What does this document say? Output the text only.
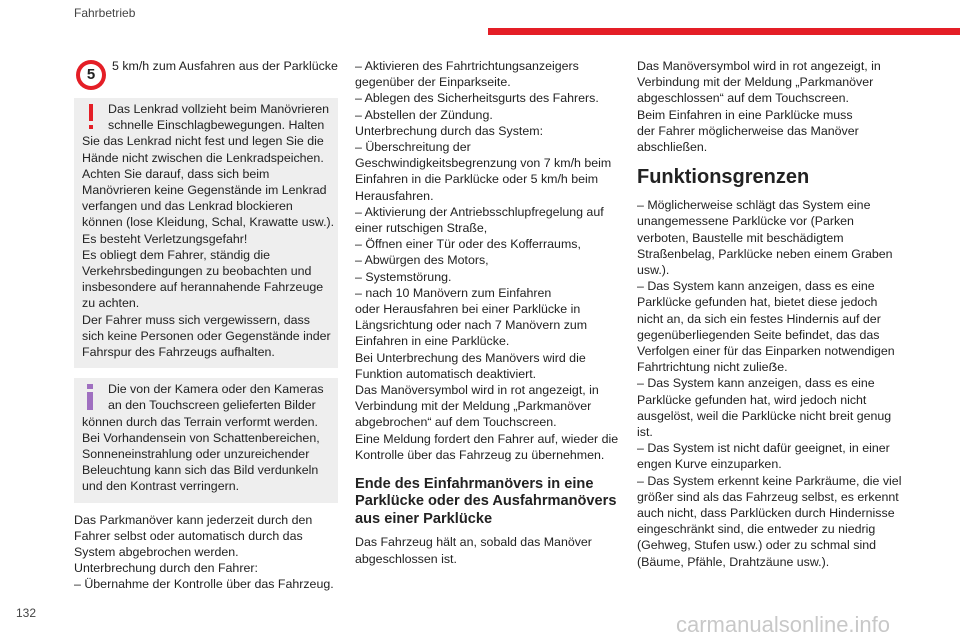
Fahrbetrieb
5	5 km/h zum Ausfahren aus der Parklücke
Das Lenkrad vollzieht beim Manövrieren
schnelle Einschlagbewegungen. Halten
Sie das Lenkrad nicht fest und legen Sie die
Hände nicht zwischen die Lenkradspeichen.
Achten Sie darauf, dass sich beim
Manövrieren keine Gegenstände im Lenkrad
verfangen und das Lenkrad blockieren
können (lose Kleidung, Schal, Krawatte usw.).
Es besteht Verletzungsgefahr!
Es obliegt dem Fahrer, ständig die
Verkehrsbedingungen zu beobachten und
insbesondere auf herannahende Fahrzeuge
zu achten.
Der Fahrer muss sich vergewissern, dass
sich keine Personen oder Gegenstände inder
Fahrspur des Fahrzeugs aufhalten.
Die von der Kamera oder den Kameras
an den Touchscreen gelieferten Bilder
können durch das Terrain verformt werden.
Bei Vorhandensein von Schattenbereichen,
Sonneneinstrahlung oder unzureichender
Beleuchtung kann sich das Bild verdunkeln
und den Kontrast verringern.
Das Parkmanöver kann jederzeit durch den
Fahrer selbst oder automatisch durch das
System abgebrochen werden.
Unterbrechung durch den Fahrer:
– Übernahme der Kontrolle über das Fahrzeug.
– Aktivieren des Fahrtrichtungsanzeigers
gegenüber der Einparkseite.
– Ablegen des Sicherheitsgurts des Fahrers.
– Abstellen der Zündung.
Unterbrechung durch das System:
– Überschreitung der
Geschwindigkeitsbegrenzung von 7 km/h beim
Einfahren in die Parklücke oder 5 km/h beim
Herausfahren.
– Aktivierung der Antriebsschlupfregelung auf
einer rutschigen Straße,
– Öffnen einer Tür oder des Kofferraums,
– Abwürgen des Motors,
– Systemstörung.
– nach 10 Manövern zum Einfahren
oder Herausfahren bei einer Parklücke in
Längsrichtung oder nach 7 Manövern zum
Einfahren in eine Parklücke.
Bei Unterbrechung des Manövers wird die
Funktion automatisch deaktiviert.
Das Manöversymbol wird in rot angezeigt, in
Verbindung mit der Meldung „Parkmanöver
abgebrochen“ auf dem Touchscreen.
Eine Meldung fordert den Fahrer auf, wieder die
Kontrolle über das Fahrzeug zu übernehmen.
Ende des Einfahrmanövers in eine
Parklücke oder des Ausfahrmanövers
aus einer Parklücke
Das Fahrzeug hält an, sobald das Manöver
abgeschlossen ist.
Das Manöversymbol wird in rot angezeigt, in
Verbindung mit der Meldung „Parkmanöver
abgeschlossen“ auf dem Touchscreen.
Beim Einfahren in eine Parklücke muss
der Fahrer möglicherweise das Manöver
abschließen.
Funktionsgrenzen
– Möglicherweise schlägt das System eine
unangemessene Parklücke vor (Parken
verboten, Baustelle mit beschädigtem
Straßenbelag, Parklücke neben einem Graben
usw.).
– Das System kann anzeigen, dass es eine
Parklücke gefunden hat, bietet diese jedoch
nicht an, da sich ein festes Hindernis auf der
gegenüberliegenden Seite befindet, das das
Verfolgen einer für das Einparken notwendigen
Fahrtrichtung nicht zulieẞe.
– Das System kann anzeigen, dass es eine
Parklücke gefunden hat, wird jedoch nicht
ausgelöst, weil die Parklücke nicht breit genug
ist.
– Das System ist nicht dafür geeignet, in einer
engen Kurve einzuparken.
– Das System erkennt keine Parkräume, die viel
größer sind als das Fahrzeug selbst, es erkennt
auch nicht, dass Parklücken durch Hindernisse
eingeschränkt sind, die entweder zu niedrig
(Gehweg, Stufen usw.) oder zu schmal sind
(Bäume, Pfähle, Drahtzäune usw.).
132	carmanualsonline.info
